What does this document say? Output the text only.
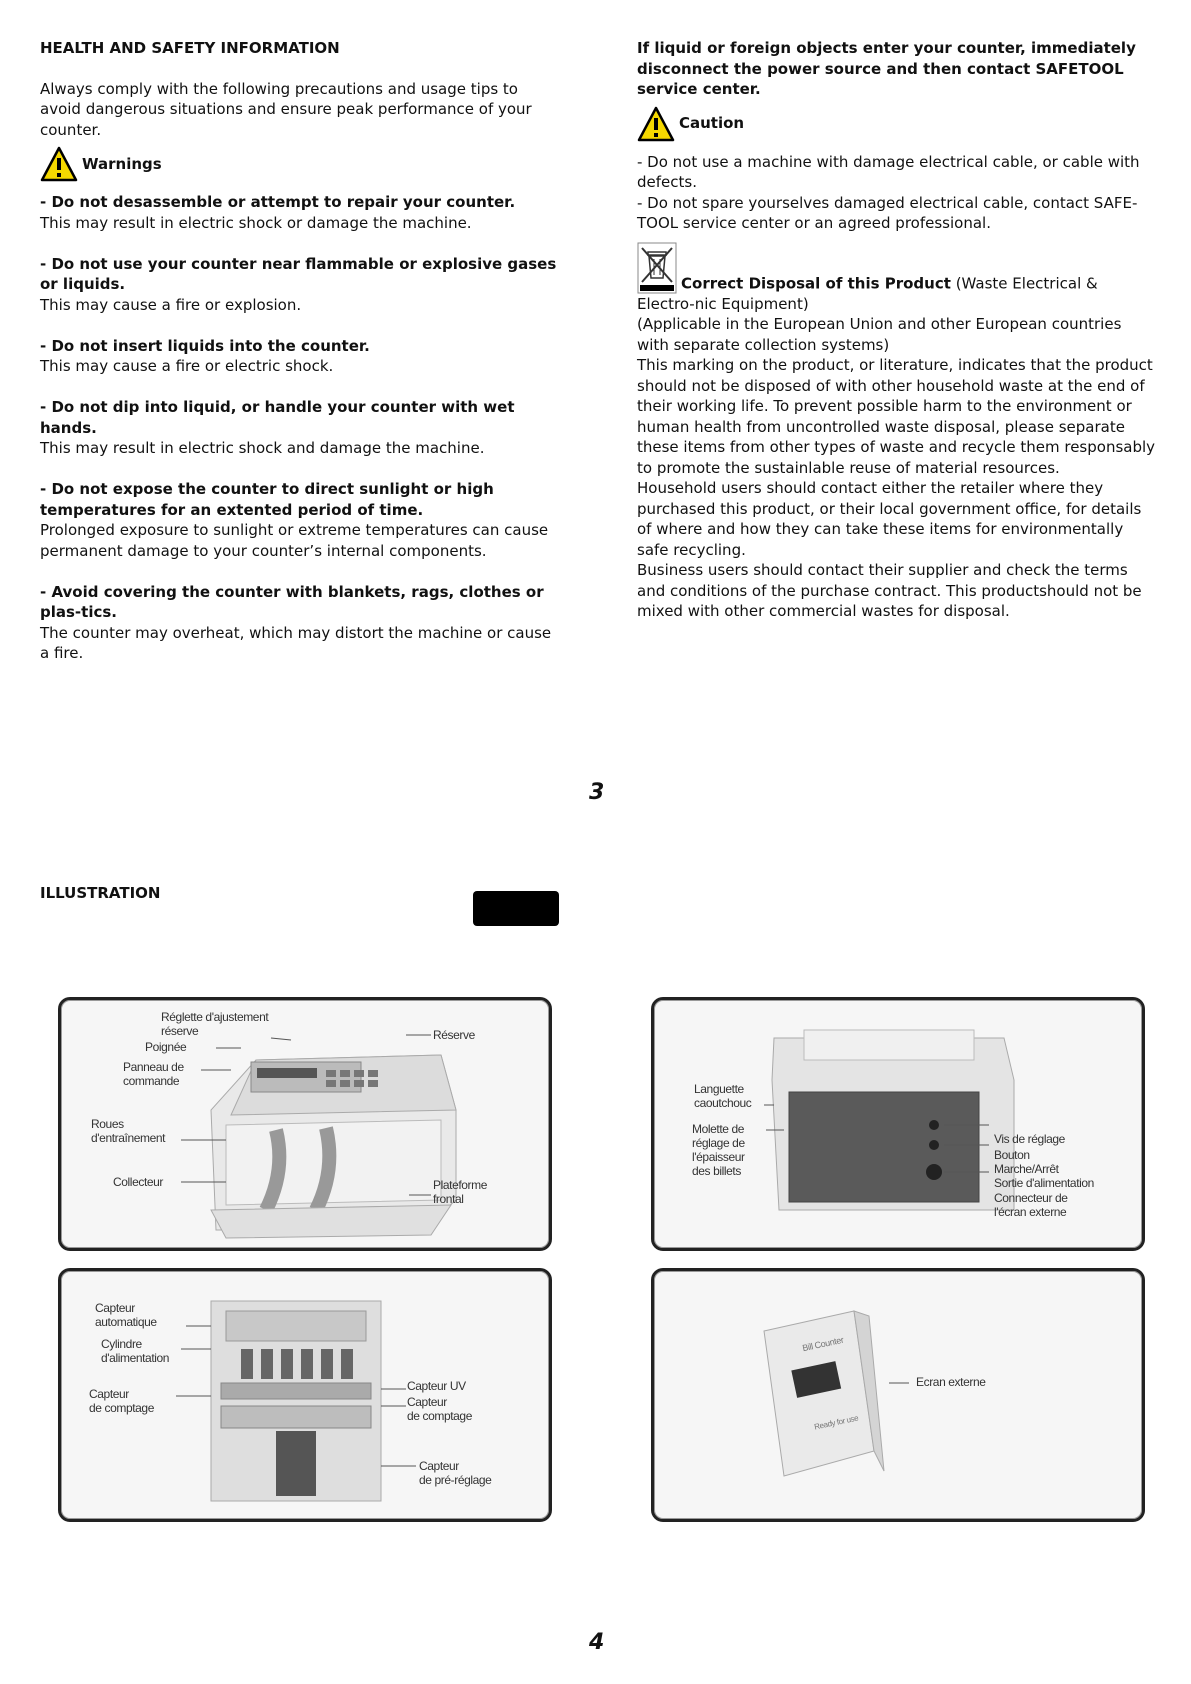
HEALTH AND SAFETY INFORMATION

Always comply with the following precautions and usage tips to avoid dangerous situations and ensure peak performance of your counter.

Warnings

- Do not desassemble or attempt to repair your counter.

This may result in electric shock or damage the machine.

- Do not use your counter near flammable or explosive gases or liquids.

This may cause a fire or explosion.

- Do not insert liquids into the counter.

This may cause a fire or electric shock.

- Do not dip into liquid, or handle your counter with wet hands.

This may result in electric shock and damage the machine.

- Do not expose the counter to direct sunlight or high temperatures for an extented period of time.

Prolonged exposure to sunlight or extreme temperatures can cause permanent damage to your counter’s internal components.

- Avoid covering the counter with blankets, rags, clothes or plas-tics.

The counter may overheat, which may distort the machine or cause a fire.

If liquid or foreign objects enter your counter, immediately disconnect the power source and then contact SAFETOOL service center.

Caution

- Do not use a machine with damage electrical cable, or cable with defects.

- Do not spare yourselves damaged electrical cable, contact SAFE-TOOL service center or an agreed professional.

Correct Disposal of this Product (Waste Electrical & Electro-nic Equipment)

(Applicable in the European Union and other European countries with separate collection systems)

This marking on the product, or literature, indicates that the product should not be disposed of with other household waste at the end of their working life. To prevent possible harm to the environment or human health from uncontrolled waste disposal, please separate these items from other types of waste and recycle them responsably to promote the sustainlable reuse of material resources.

Household users should contact either the retailer where they purchased this product, or their local government office, for details of where and how they can take these items for environmentally safe recycling.

Business users should contact their supplier and check the terms and conditions of the purchase contract. This productshould not be mixed with other commercial wastes for disposal.

3
ILLUSTRATION
Réglette d'ajustement
réserve
Poignée
Panneau de
commande
Roues
d'entraînement
Collecteur
Réserve
Plateforme
frontal
Languette
caoutchouc
Molette de
réglage de
l'épaisseur
des billets
Vis de réglage
Bouton
Marche/Arrêt
Sortie d'alimentation
Connecteur de
l'écran externe
Capteur
automatique
Cylindre
d'alimentation
Capteur
de comptage
Capteur UV
Capteur
de comptage
Capteur
de pré-réglage
Bill Counter
Ready for use
Ecran externe
4
